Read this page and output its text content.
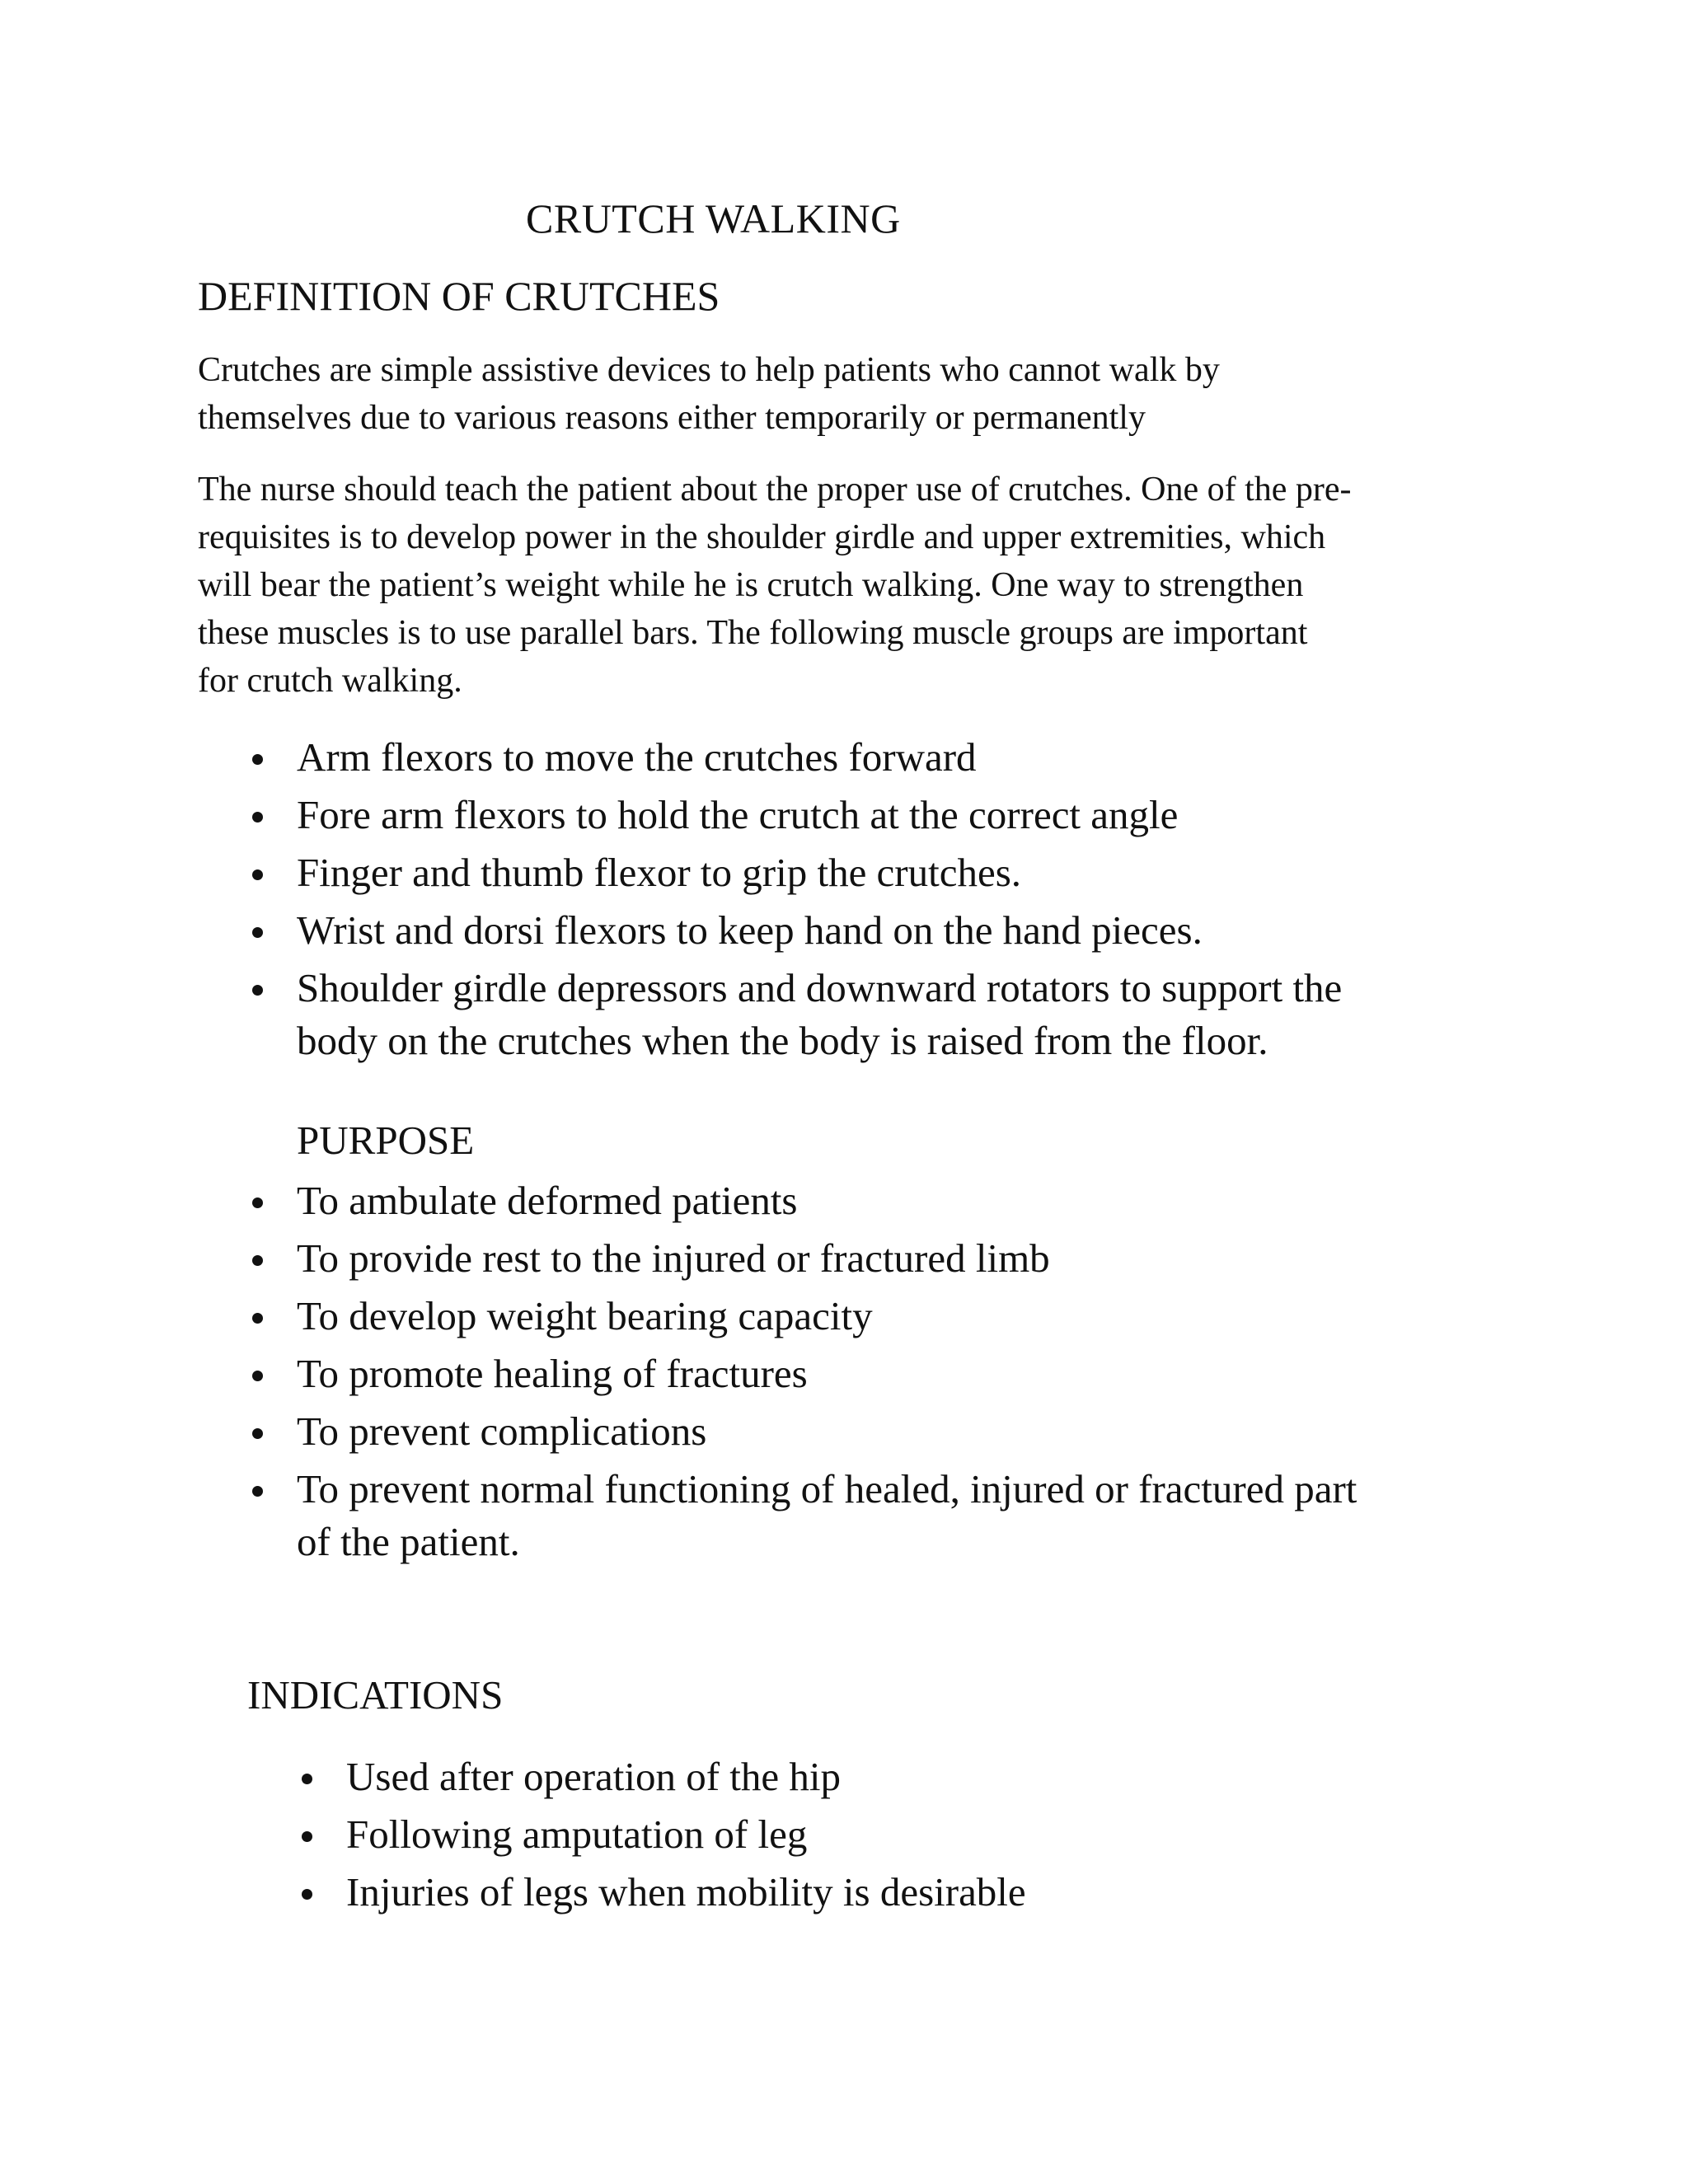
CRUTCH WALKING
DEFINITION OF CRUTCHES
Crutches are simple assistive devices to help patients who cannot walk by
themselves due to various reasons either temporarily or permanently
The nurse should teach the patient about the proper use of crutches. One of the pre-
requisites is to develop power in the shoulder girdle and upper extremities, which
will bear the patient’s weight while he is crutch walking. One way to strengthen
these muscles is to use parallel bars. The following muscle groups are important
for crutch walking.
Arm flexors to move the crutches forward
Fore arm flexors to hold the crutch at the correct angle
Finger and thumb flexor to grip the crutches.
Wrist and dorsi flexors to keep hand on the hand pieces.
Shoulder girdle depressors and downward rotators to support the
body on the crutches when the body is raised from the floor.
PURPOSE
To ambulate deformed patients
To provide rest to the injured or fractured limb
To develop weight bearing capacity
To promote healing of fractures
To prevent complications
To prevent normal functioning of healed, injured or fractured part
of the patient.
INDICATIONS
Used after operation of the hip
Following amputation of leg
Injuries of legs when mobility is desirable
